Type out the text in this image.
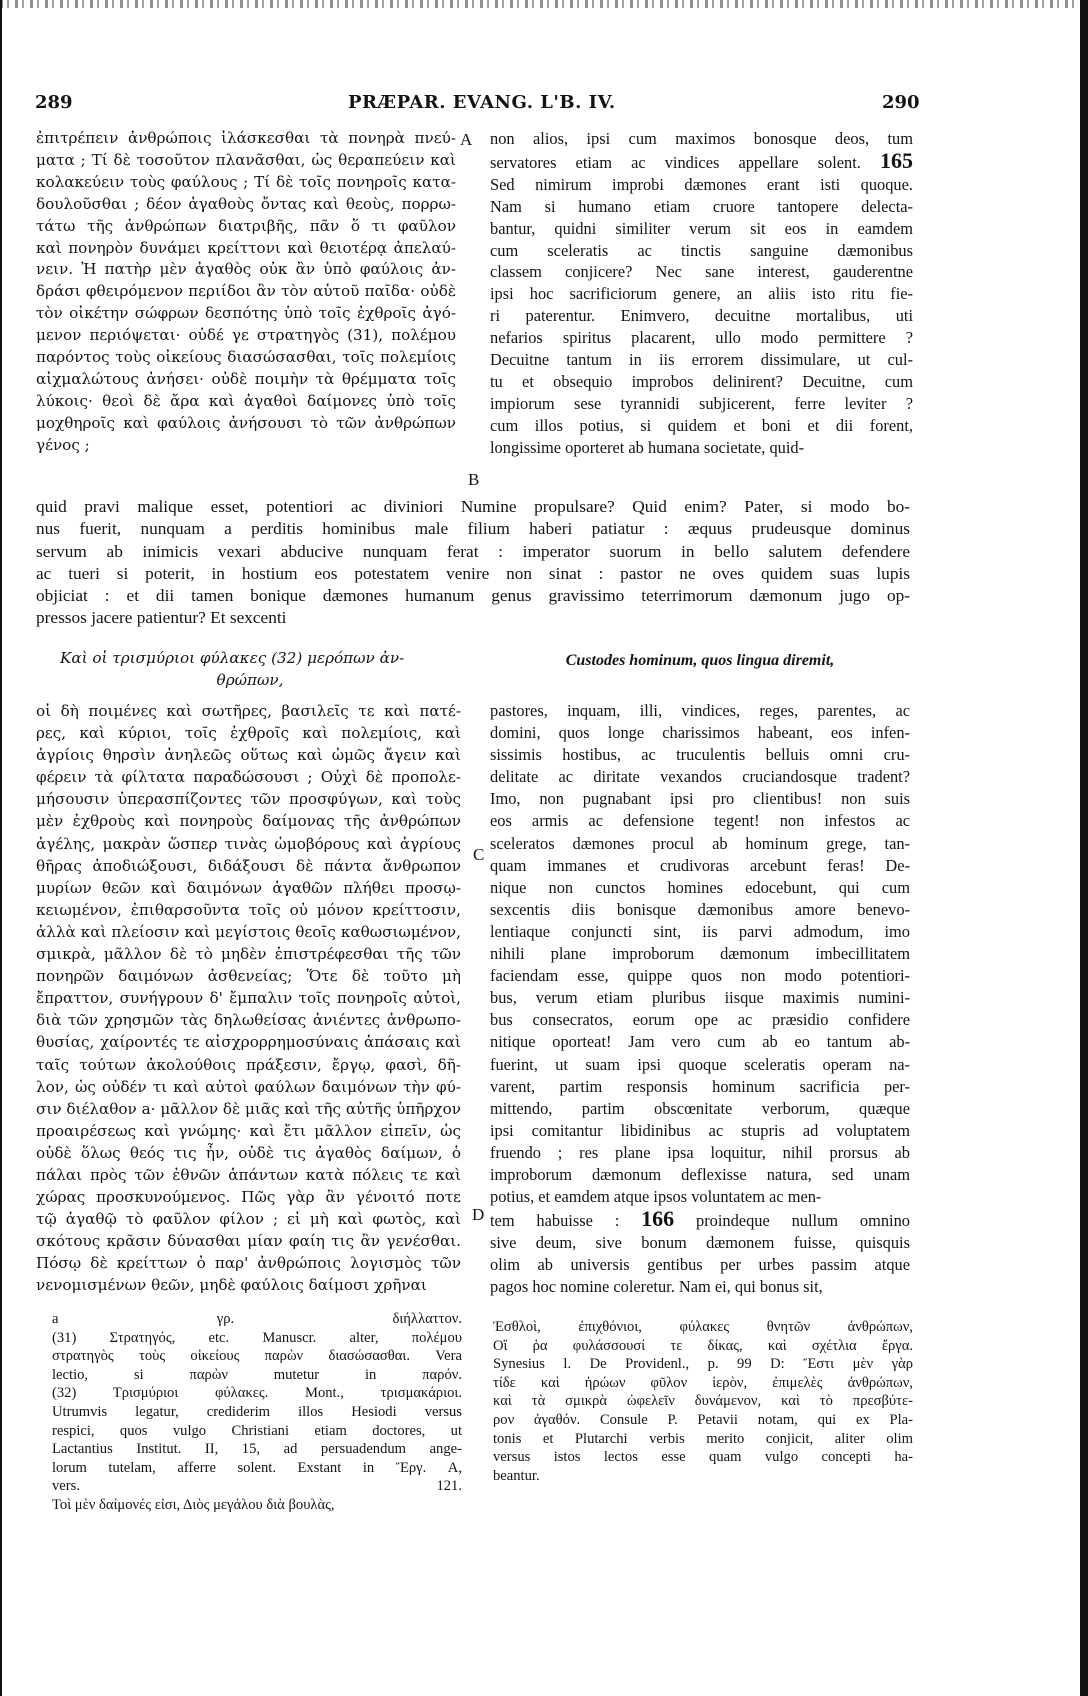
289	PRÆPAR. EVANG. L'B. IV.	290
ἐπιτρέπειν ἀνθρώποις ἱλάσκεσθαι τὰ πονηρὰ πνεύ-
ματα ; Τί δὲ τοσοῦτον πλανᾶσθαι, ὡς θεραπεύειν καὶ
κολακεύειν τοὺς φαύλους ; Τί δὲ τοῖς πονηροῖς κατα-
δουλοῦσθαι ; δέον ἀγαθοὺς ὄντας καὶ θεοὺς, πορρω-
τάτω τῆς ἀνθρώπων διατριβῆς, πᾶν ὅ τι φαῦλον
καὶ πονηρὸν δυνάμει κρείττονι καὶ θειοτέρᾳ ἀπελαύ-
νειν. Ἡ πατὴρ μὲν ἀγαθὸς οὐκ ἂν ὑπὸ φαύλοις ἀν-
δράσι φθειρόμενον περιίδοι ἂν τὸν αὑτοῦ παῖδα· οὐδὲ
τὸν οἰκέτην σώφρων δεσπότης ὑπὸ τοῖς ἐχθροῖς ἀγό-
μενον περιόψεται· οὐδέ γε στρατηγὸς (31), πολέμου
παρόντος τοὺς οἰκείους διασώσασθαι, τοῖς πολεμίοις
αἰχμαλώτους ἀνήσει· οὐδὲ ποιμὴν τὰ θρέμματα τοῖς
λύκοις· θεοὶ δὲ ἄρα καὶ ἀγαθοὶ δαίμονες ὑπὸ τοῖς
μοχθηροῖς καὶ φαύλοις ἀνήσουσι τὸ τῶν ἀνθρώπων
γένος ;
non alios, ipsi cum maximos bonosque deos, tum
servatores etiam ac vindices appellare solent. 165
Sed nimirum improbi dæmones erant isti quoque.
Nam si humano etiam cruore tantopere delecta-
bantur, quidni similiter verum sit eos in eamdem
cum sceleratis ac tinctis sanguine dæmonibus
classem conjicere? Nec sane interest, gauderentne
ipsi hoc sacrificiorum genere, an aliis isto ritu fie-
ri paterentur. Enimvero, decuitne mortalibus, uti
nefarios spiritus placarent, ullo modo permittere ?
Decuitne tantum in iis errorem dissimulare, ut cul-
tu et obsequio improbos delinirent? Decuitne, cum
impiorum sese tyrannidi subjicerent, ferre leviter ?
cum illos potius, si quidem et boni et dii forent,
longissime oporteret ab humana societate, quid-
A
B
C
D
quid pravi malique esset, potentiori ac diviniori Numine propulsare? Quid enim? Pater, si modo bo-
nus fuerit, nunquam a perditis hominibus male filium haberi patiatur : æquus prudeusque dominus
servum ab inimicis vexari abducive nunquam ferat : imperator suorum in bello salutem defendere
ac tueri si poterit, in hostium eos potestatem venire non sinat : pastor ne oves quidem suas lupis
objiciat : et dii tamen bonique dæmones humanum genus gravissimo teterrimorum dæmonum jugo op-
pressos jacere patientur? Et sexcenti
Καὶ οἱ τρισμύριοι φύλακες (32) μερόπων ἀν-
θρώπων,
Custodes hominum, quos lingua diremit,
οἱ δὴ ποιμένες καὶ σωτῆρες, βασιλεῖς τε καὶ πατέ-
ρες, καὶ κύριοι, τοῖς ἐχθροῖς καὶ πολεμίοις, καὶ
ἀγρίοις θηρσὶν ἀνηλεῶς οὕτως καὶ ὠμῶς ἄγειν καὶ
φέρειν τὰ φίλτατα παραδώσουσι ; Οὐχὶ δὲ προπολε-
μήσουσιν ὑπερασπίζοντες τῶν προσφύγων, καὶ τοὺς
μὲν ἐχθροὺς καὶ πονηροὺς δαίμονας τῆς ἀνθρώπων
ἀγέλης, μακρὰν ὥσπερ τινὰς ὠμοβόρους καὶ ἀγρίους
θῆρας ἀποδιώξουσι, διδάξουσι δὲ πάντα ἄνθρωπον
μυρίων θεῶν καὶ δαιμόνων ἀγαθῶν πλήθει προσῳ-
κειωμένον, ἐπιθαρσοῦντα τοῖς οὐ μόνον κρείττοσιν,
ἀλλὰ καὶ πλείοσιν καὶ μεγίστοις θεοῖς καθωσιωμένον,
σμικρὰ, μᾶλλον δὲ τὸ μηδὲν ἐπιστρέφεσθαι τῆς τῶν
πονηρῶν δαιμόνων ἀσθενείας; Ὅτε δὲ τοῦτο μὴ
ἔπραττον, συνήγρουν δ' ἔμπαλιν τοῖς πονηροῖς αὐτοὶ,
διὰ τῶν χρησμῶν τὰς δηλωθείσας ἀνιέντες ἀνθρωπο-
θυσίας, χαίροντές τε αἰσχρορρημοσύναις ἁπάσαις καὶ
ταῖς τούτων ἀκολούθοις πράξεσιν, ἔργῳ, φασὶ, δῆ-
λον, ὡς οὐδέν τι καὶ αὐτοὶ φαύλων δαιμόνων τὴν φύ-
σιν διέλαθον a· μᾶλλον δὲ μιᾶς καὶ τῆς αὐτῆς ὑπῆρχον
προαιρέσεως καὶ γνώμης· καὶ ἔτι μᾶλλον εἰπεῖν, ὡς
οὐδὲ ὅλως θεός τις ἦν, οὐδὲ τις ἀγαθὸς δαίμων, ὁ
πάλαι πρὸς τῶν ἐθνῶν ἁπάντων κατὰ πόλεις τε καὶ
χώρας προσκυνούμενος. Πῶς γὰρ ἂν γένοιτό ποτε
τῷ ἀγαθῷ τὸ φαῦλον φίλον ; εἰ μὴ καὶ φωτὸς, καὶ
σκότους κρᾶσιν δύνασθαι μίαν φαίη τις ἂν γενέσθαι.
Πόσῳ δὲ κρείττων ὁ παρ' ἀνθρώποις λογισμὸς τῶν
νενομισμένων θεῶν, μηδὲ φαύλοις δαίμοσι χρῆναι
pastores, inquam, illi, vindices, reges, parentes, ac
domini, quos longe charissimos habeant, eos infen-
sissimis hostibus, ac truculentis belluis omni cru-
delitate ac diritate vexandos cruciandosque tradent?
Imo, non pugnabant ipsi pro clientibus! non suis
eos armis ac defensione tegent! non infestos ac
sceleratos dæmones procul ab hominum grege, tan-
quam immanes et crudivoras arcebunt feras! De-
nique non cunctos homines edocebunt, qui cum
sexcentis diis bonisque dæmonibus amore benevo-
lentiaque conjuncti sint, iis parvi admodum, imo
nihili plane improborum dæmonum imbecillitatem
faciendam esse, quippe quos non modo potentiori-
bus, verum etiam pluribus iisque maximis numini-
bus consecratos, eorum ope ac præsidio confidere
nitique oporteat! Jam vero cum ab eo tantum ab-
fuerint, ut suam ipsi quoque sceleratis operam na-
varent, partim responsis hominum sacrificia per-
mittendo, partim obscœnitate verborum, quæque
ipsi comitantur libidinibus ac stupris ad voluptatem
fruendo ; res plane ipsa loquitur, nihil prorsus ab
improborum dæmonum deflexisse natura, sed unam
potius, et eamdem atque ipsos voluntatem ac men-
tem habuisse : 166 proindeque nullum omnino
sive deum, sive bonum dæmonem fuisse, quisquis
olim ab universis gentibus per urbes passim atque
pagos hoc nomine coleretur. Nam ei, qui bonus sit,
a γρ. διήλλαττον.
(31) Στρατηγός, etc. Manuscr. alter, πολέμου
στρατηγὸς τοὺς οἰκείους παρὼν διασώσασθαι. Vera
lectio, si παρὼν mutetur in παρόν.
(32) Τρισμύριοι φύλακες. Mont., τρισμακάριοι.
Utrumvis legatur, crediderim illos Hesiodi versus
respici, quos vulgo Christiani etiam doctores, ut
Lactantius Institut. II, 15, ad persuadendum ange-
lorum tutelam, afferre solent. Exstant in Ἔργ. A,
vers. 121.
Τοὶ μὲν δαίμονές εἰσι, Διὸς μεγάλου διὰ βουλὰς,
Ἐσθλοὶ, ἐπιχθόνιοι, φύλακες θνητῶν ἀνθρώπων,
Οἵ ῥα φυλάσσουσί τε δίκας, καὶ σχέτλια ἔργα.
Synesius l. De Providenl., p. 99 D: Ἔστι μὲν γὰρ
τίδε καὶ ἡρώων φῦλον ἱερὸν, ἐπιμελὲς ἀνθρώπων,
καὶ τὰ σμικρὰ ὠφελεῖν δυνάμενον, καὶ τὸ πρεσβύτε-
ρον ἀγαθόν. Consule P. Petavii notam, qui ex Pla-
tonis et Plutarchi verbis merito conjicit, aliter olim
versus istos lectos esse quam vulgo concepti ha-
beantur.
